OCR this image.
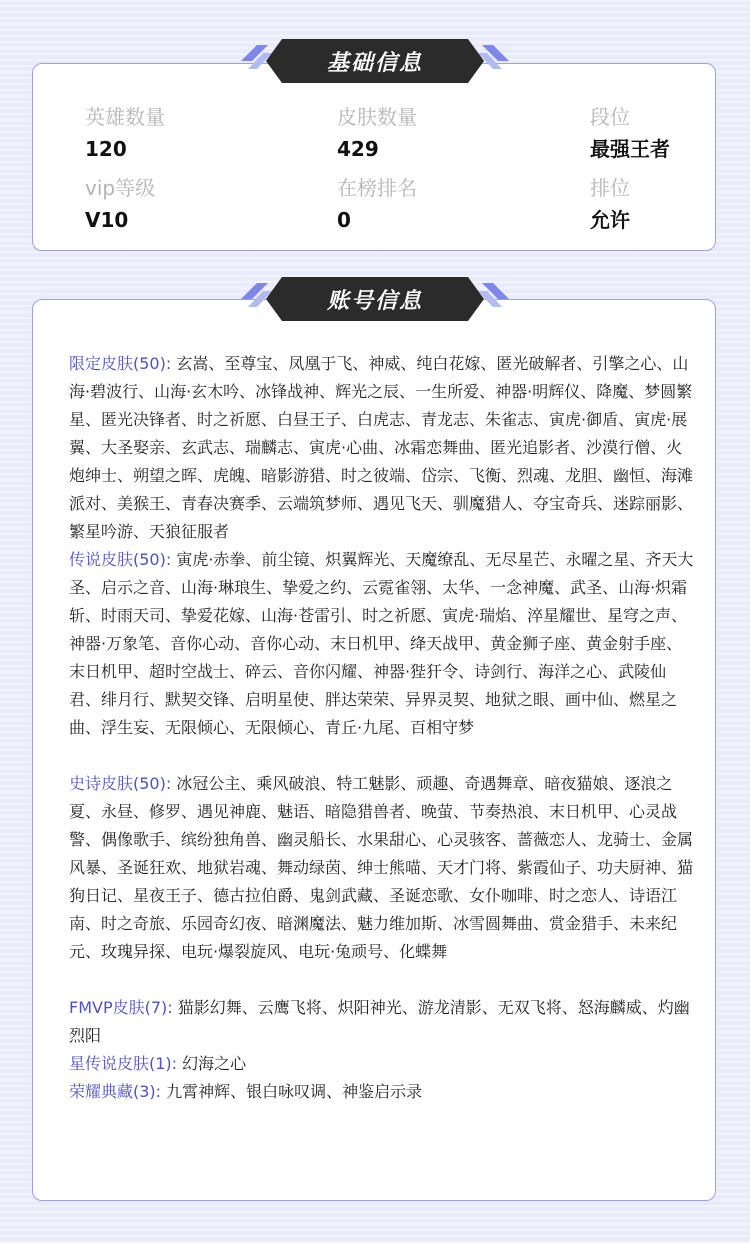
英雄数量
120
皮肤数量
429
段位
最强王者
vip等级
V10
在榜排名
0
排位
允许
基础信息

限定皮肤(50): 玄嵩、至尊宝、凤凰于飞、神威、纯白花嫁、匿光破解者、引擎之心、山海·碧波行、山海·玄木吟、冰锋战神、辉光之辰、一生所爱、神器·明辉仪、降魔、梦圆繁星、匿光决锋者、时之祈愿、白昼王子、白虎志、青龙志、朱雀志、寅虎·御盾、寅虎·展翼、大圣娶亲、玄武志、瑞麟志、寅虎·心曲、冰霜恋舞曲、匿光追影者、沙漠行僧、火炮绅士、朔望之晖、虎魄、暗影游猎、时之彼端、岱宗、飞衡、烈魂、龙胆、幽恒、海滩派对、美猴王、青春决赛季、云端筑梦师、遇见飞天、驯魔猎人、夺宝奇兵、迷踪丽影、繁星吟游、天狼征服者

传说皮肤(50): 寅虎·赤拳、前尘镜、炽翼辉光、天魔缭乱、无尽星芒、永曜之星、齐天大圣、启示之音、山海·琳琅生、挚爱之约、云霓雀翎、太华、一念神魔、武圣、山海·炽霜斩、时雨天司、挚爱花嫁、山海·苍雷引、时之祈愿、寅虎·瑞焰、淬星耀世、星穹之声、神器·万象笔、音你心动、音你心动、末日机甲、绛天战甲、黄金狮子座、黄金射手座、末日机甲、超时空战士、碎云、音你闪耀、神器·狴犴令、诗剑行、海洋之心、武陵仙君、绯月行、默契交锋、启明星使、胖达荣荣、异界灵契、地狱之眼、画中仙、燃星之曲、浮生妄、无限倾心、无限倾心、青丘·九尾、百相守梦

史诗皮肤(50): 冰冠公主、乘风破浪、特工魅影、顽趣、奇遇舞章、暗夜猫娘、逐浪之夏、永昼、修罗、遇见神鹿、魅语、暗隐猎兽者、晚萤、节奏热浪、末日机甲、心灵战警、偶像歌手、缤纷独角兽、幽灵船长、水果甜心、心灵骇客、蔷薇恋人、龙骑士、金属风暴、圣诞狂欢、地狱岩魂、舞动绿茵、绅士熊喵、天才门将、紫霞仙子、功夫厨神、猫狗日记、星夜王子、德古拉伯爵、鬼剑武藏、圣诞恋歌、女仆咖啡、时之恋人、诗语江南、时之奇旅、乐园奇幻夜、暗渊魔法、魅力维加斯、冰雪圆舞曲、赏金猎手、未来纪元、玫瑰异探、电玩·爆裂旋风、电玩·兔顽号、化蝶舞

FMVP皮肤(7): 猫影幻舞、云鹰飞将、炽阳神光、游龙清影、无双飞将、怒海麟威、灼幽烈阳

星传说皮肤(1): 幻海之心

荣耀典藏(3): 九霄神辉、银白咏叹调、神鉴启示录

账号信息
